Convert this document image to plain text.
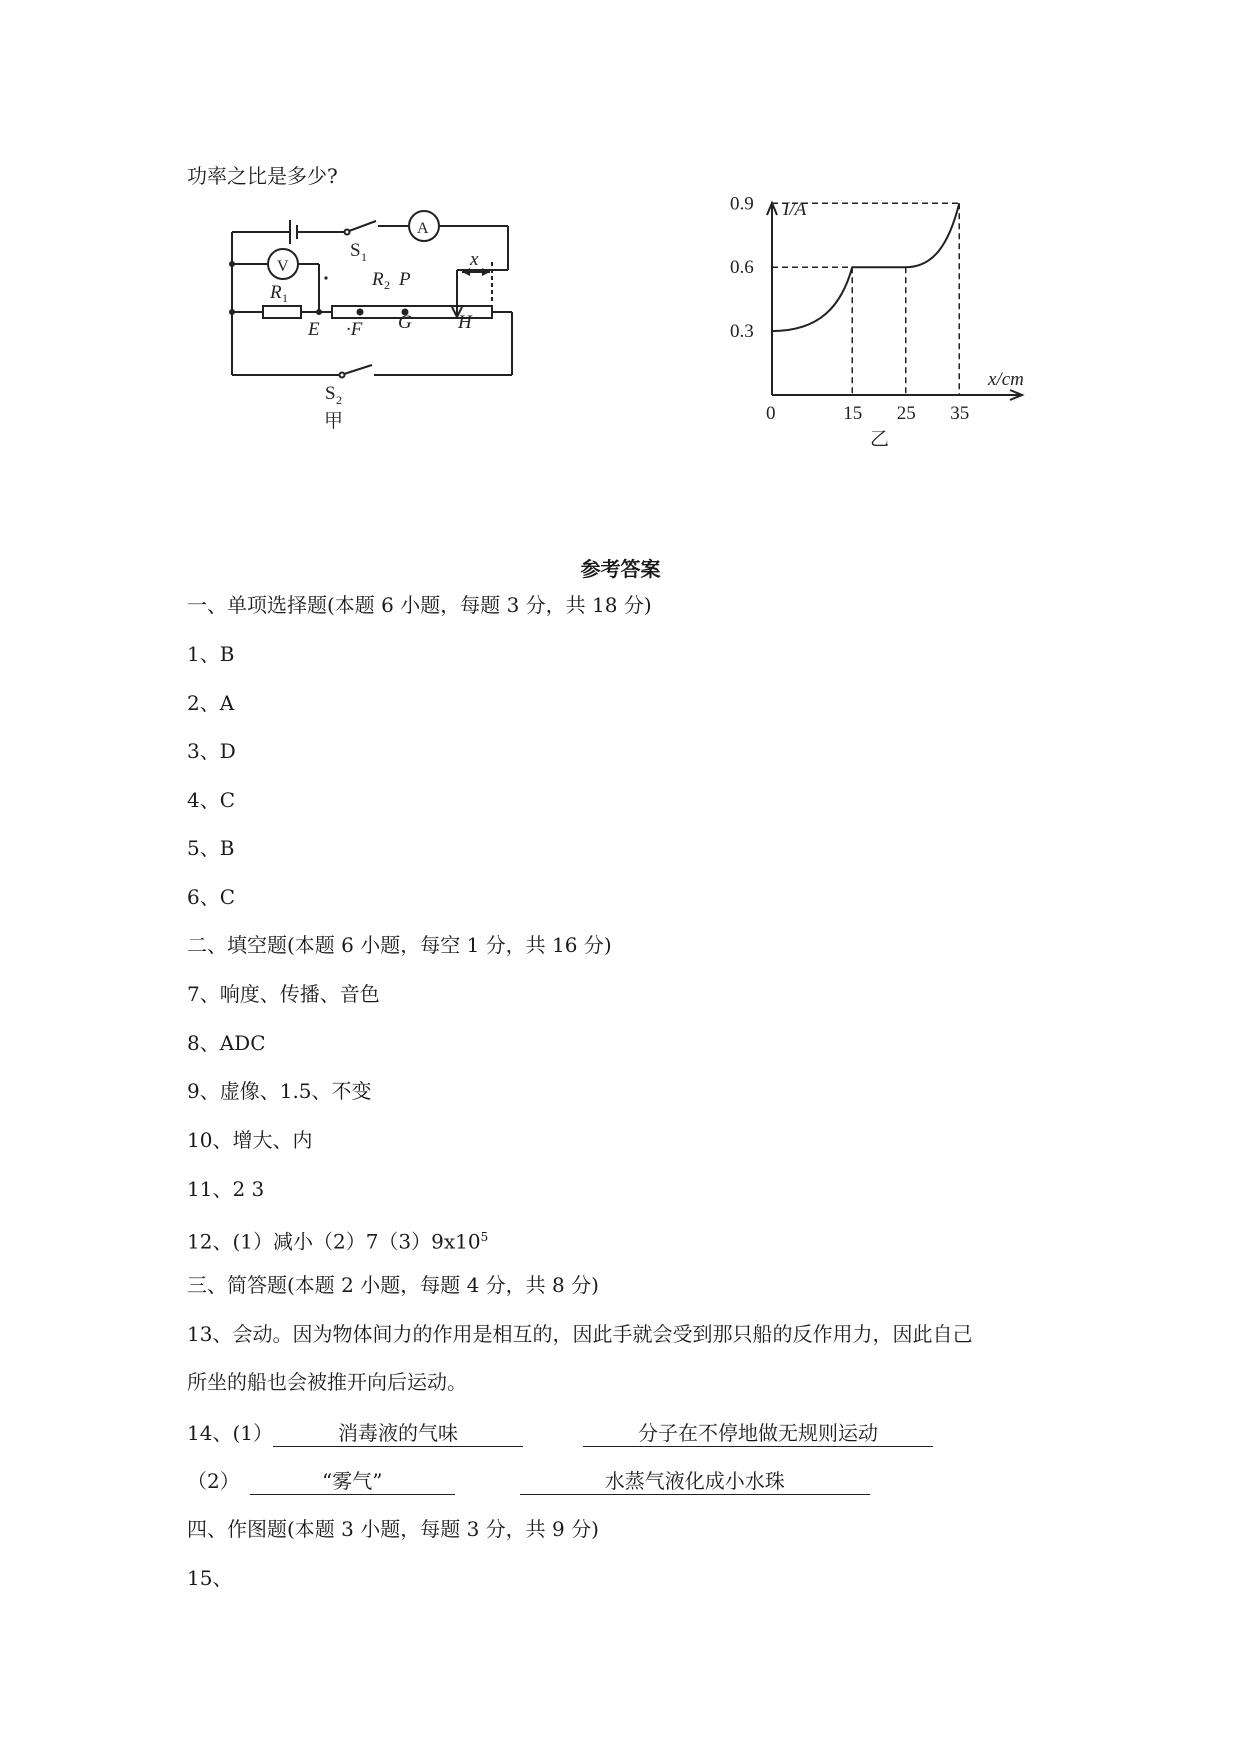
功率之比是多少?
A
V
S 1
R 1
R 2 P
x
E ·F G H
S 2
甲
0.3
0.6
0.9
0	15 25 35
I/A
x/cm
乙
参考答案
一、单项选择题(本题 6 小题，每题 3 分，共 18 分)
1、B
2、A
3、D
4、C
5、B
6、C
二、填空题(本题 6 小题，每空 1 分，共 16 分)
7、响度、传播、音色
8、ADC
9、虚像、1.5、不变
10、增大、内
11、2 3
12、(1）减小$(2)7(3)9x10^5$
三、简答题(本题 2 小题，每题 4 分，共 8 分)
13、会动。因为物体间力的作用是相互的，因此手就会受到那只船的反作用力，因此自己
所坐的船也会被推开向后运动。
14、(1）	消毒液的气味	分子在不停地做无规则运动
（2）	“雾气”	水蒸气液化成小水珠
四、作图题(本题 3 小题，每题 3 分，共 9 分)
15、
